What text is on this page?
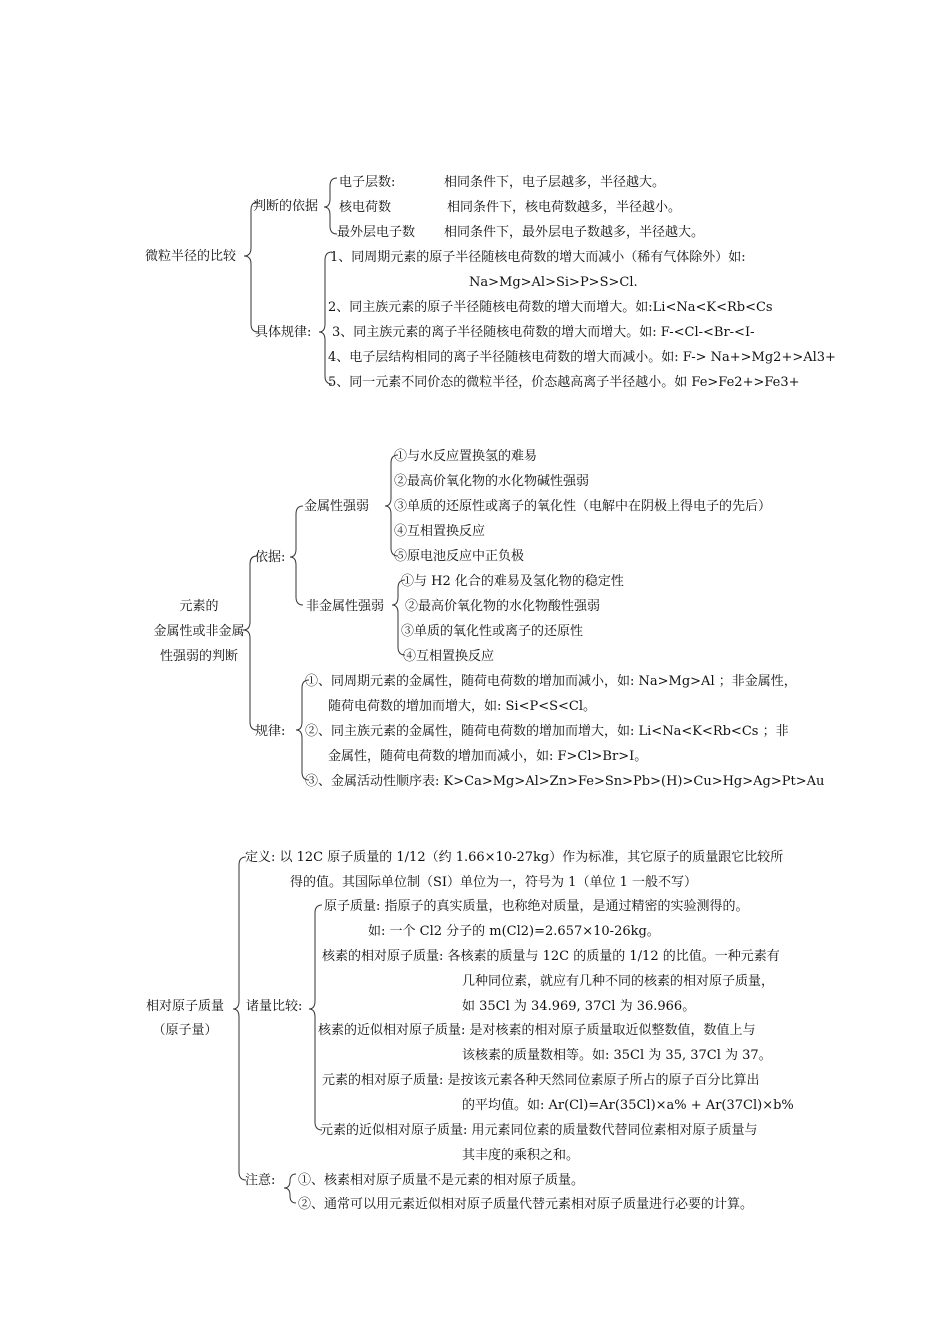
微粒半径的比较
判断的依据
电子层数:	相同条件下，电子层越多，半径越大。
核电荷数	相同条件下，核电荷数越多，半径越小。
最外层电子数 相同条件下，最外层电子数越多，半径越大。
具体规律:
1、同周期元素的原子半径随核电荷数的增大而减小（稀有气体除外）如:
Na>Mg>Al>Si>P>S>Cl.
2、同主族元素的原子半径随核电荷数的增大而增大。如:Li<Na<K<Rb<Cs
3、同主族元素的离子半径随核电荷数的增大而增大。如: F-<Cl-<Br-<I-
4、电子层结构相同的离子半径随核电荷数的增大而减小。如: F-> Na+>Mg2+>Al3+
5、同一元素不同价态的微粒半径，价态越高离子半径越小。如 Fe>Fe2+>Fe3+
元素的
金属性或非金属
性强弱的判断
依据:
金属性强弱
①与水反应置换氢的难易
②最高价氧化物的水化物碱性强弱
③单质的还原性或离子的氧化性（电解中在阴极上得电子的先后）
④互相置换反应
⑤原电池反应中正负极
非金属性强弱
①与 H2 化合的难易及氢化物的稳定性
②最高价氧化物的水化物酸性强弱
③单质的氧化性或离子的还原性
④互相置换反应
规律:
①、同周期元素的金属性，随荷电荷数的增加而减小，如: Na>Mg>Al ；非金属性，
随荷电荷数的增加而增大，如: Si<P<S<Cl。
②、同主族元素的金属性，随荷电荷数的增加而增大，如: Li<Na<K<Rb<Cs ；非
金属性，随荷电荷数的增加而减小，如: F>Cl>Br>I。
③、金属活动性顺序表: K>Ca>Mg>Al>Zn>Fe>Sn>Pb>(H)>Cu>Hg>Ag>Pt>Au
相对原子质量
（原子量）
定义: 以 12C 原子质量的 1/12（约 1.66×10-27kg）作为标准，其它原子的质量跟它比较所
得的值。其国际单位制（SI）单位为一，符号为 1（单位 1 一般不写）
诸量比较:
原子质量: 指原子的真实质量，也称绝对质量，是通过精密的实验测得的。
如: 一个 Cl2 分子的 m(Cl2)=2.657×10-26kg。
核素的相对原子质量: 各核素的质量与 12C 的质量的 1/12 的比值。一种元素有
几种同位素，就应有几种不同的核素的相对原子质量，
如 35Cl 为 34.969, 37Cl 为 36.966。
核素的近似相对原子质量: 是对核素的相对原子质量取近似整数值，数值上与
该核素的质量数相等。如: 35Cl 为 35, 37Cl 为 37。
元素的相对原子质量: 是按该元素各种天然同位素原子所占的原子百分比算出
的平均值。如: Ar(Cl)=Ar(35Cl)×a% + Ar(37Cl)×b%
元素的近似相对原子质量: 用元素同位素的质量数代替同位素相对原子质量与
其丰度的乘积之和。
注意: ①、核素相对原子质量不是元素的相对原子质量。
②、通常可以用元素近似相对原子质量代替元素相对原子质量进行必要的计算。
